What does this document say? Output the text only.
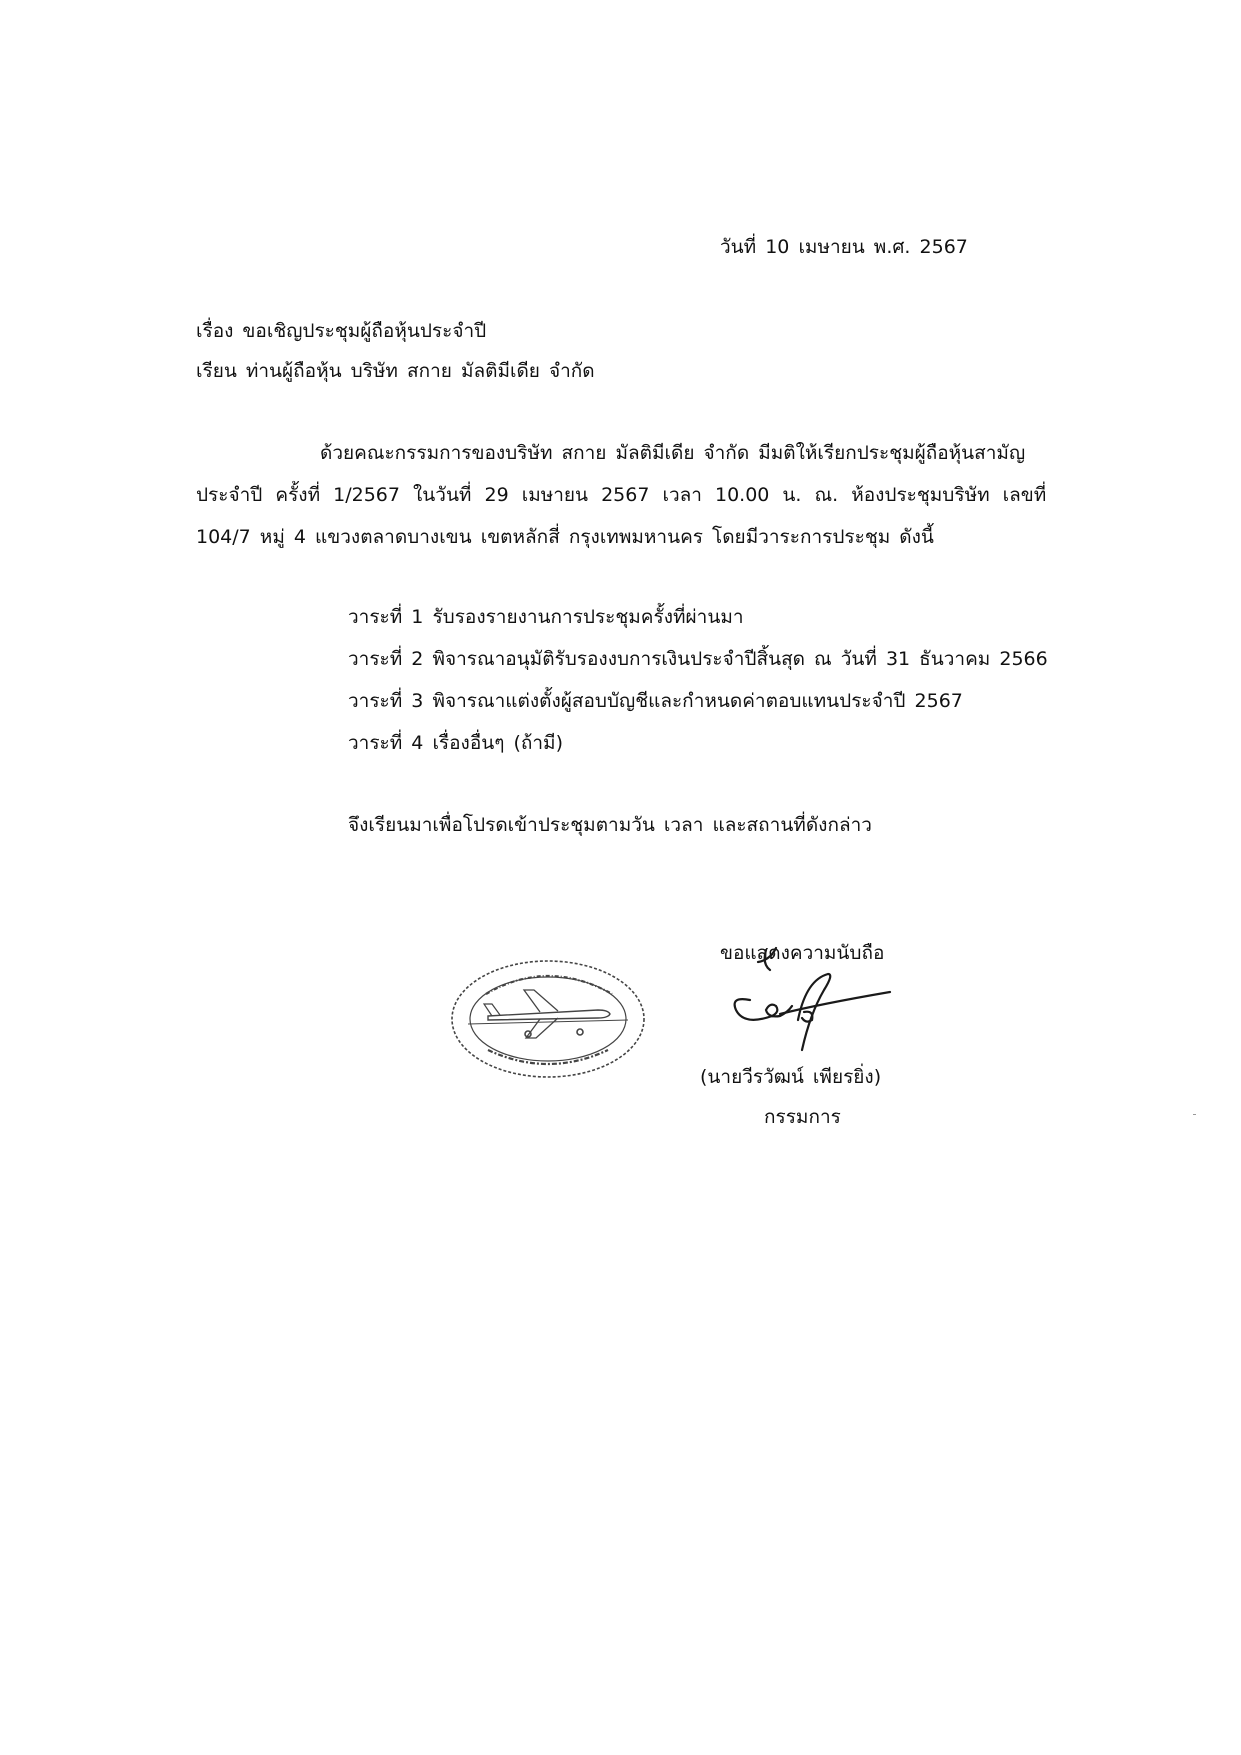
วันที่ 10 เมษายน พ.ศ. 2567
เรื่อง ขอเชิญประชุมผู้ถือหุ้นประจำปี
เรียน ท่านผู้ถือหุ้น บริษัท สกาย มัลติมีเดีย จำกัด
ด้วยคณะกรรมการของบริษัท สกาย มัลติมีเดีย จำกัด มีมติให้เรียกประชุมผู้ถือหุ้นสามัญ
ประจำปี ครั้งที่ 1/2567 ในวันที่ 29 เมษายน 2567 เวลา 10.00 น. ณ. ห้องประชุมบริษัท เลขที่
104/7 หมู่ 4 แขวงตลาดบางเขน เขตหลักสี่ กรุงเทพมหานคร โดยมีวาระการประชุม ดังนี้
วาระที่ 1 รับรองรายงานการประชุมครั้งที่ผ่านมา
วาระที่ 2 พิจารณาอนุมัติรับรองงบการเงินประจำปีสิ้นสุด ณ วันที่ 31 ธันวาคม 2566
วาระที่ 3 พิจารณาแต่งตั้งผู้สอบบัญชีและกำหนดค่าตอบแทนประจำปี 2567
วาระที่ 4 เรื่องอื่นๆ (ถ้ามี)
จึงเรียนมาเพื่อโปรดเข้าประชุมตามวัน เวลา และสถานที่ดังกล่าว
ขอแสดงความนับถือ
(นายวีรวัฒน์ เพียรยิ่ง)
กรรมการ
